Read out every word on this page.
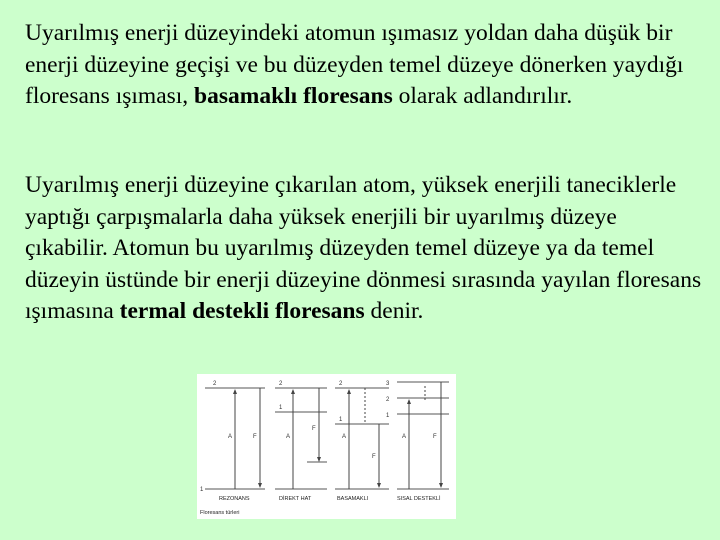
Uyarılmış enerji düzeyindeki atomun ışımasız yoldan daha düşük bir enerji düzeyine geçişi ve bu düzeyden temel düzeye dönerken yaydığı floresans ışıması, basamaklı floresans olarak adlandırılır.

Uyarılmış enerji düzeyine çıkarılan atom, yüksek enerjili taneciklerle yaptığı çarpışmalarla daha yüksek enerjili bir uyarılmış düzeye çıkabilir. Atomun bu uyarılmış düzeyden temel düzeye ya da temel düzeyin üstünde bir enerji düzeyine dönmesi sırasında yayılan floresans ışımasına termal destekli floresans denir.

2
1
A	F
REZONANS
2
1
A
F
DİREKT HAT
2
1
A
F
BASAMAKLI
3
2
1
A	F
SISAL DESTEKLİ
Floresans türleri
